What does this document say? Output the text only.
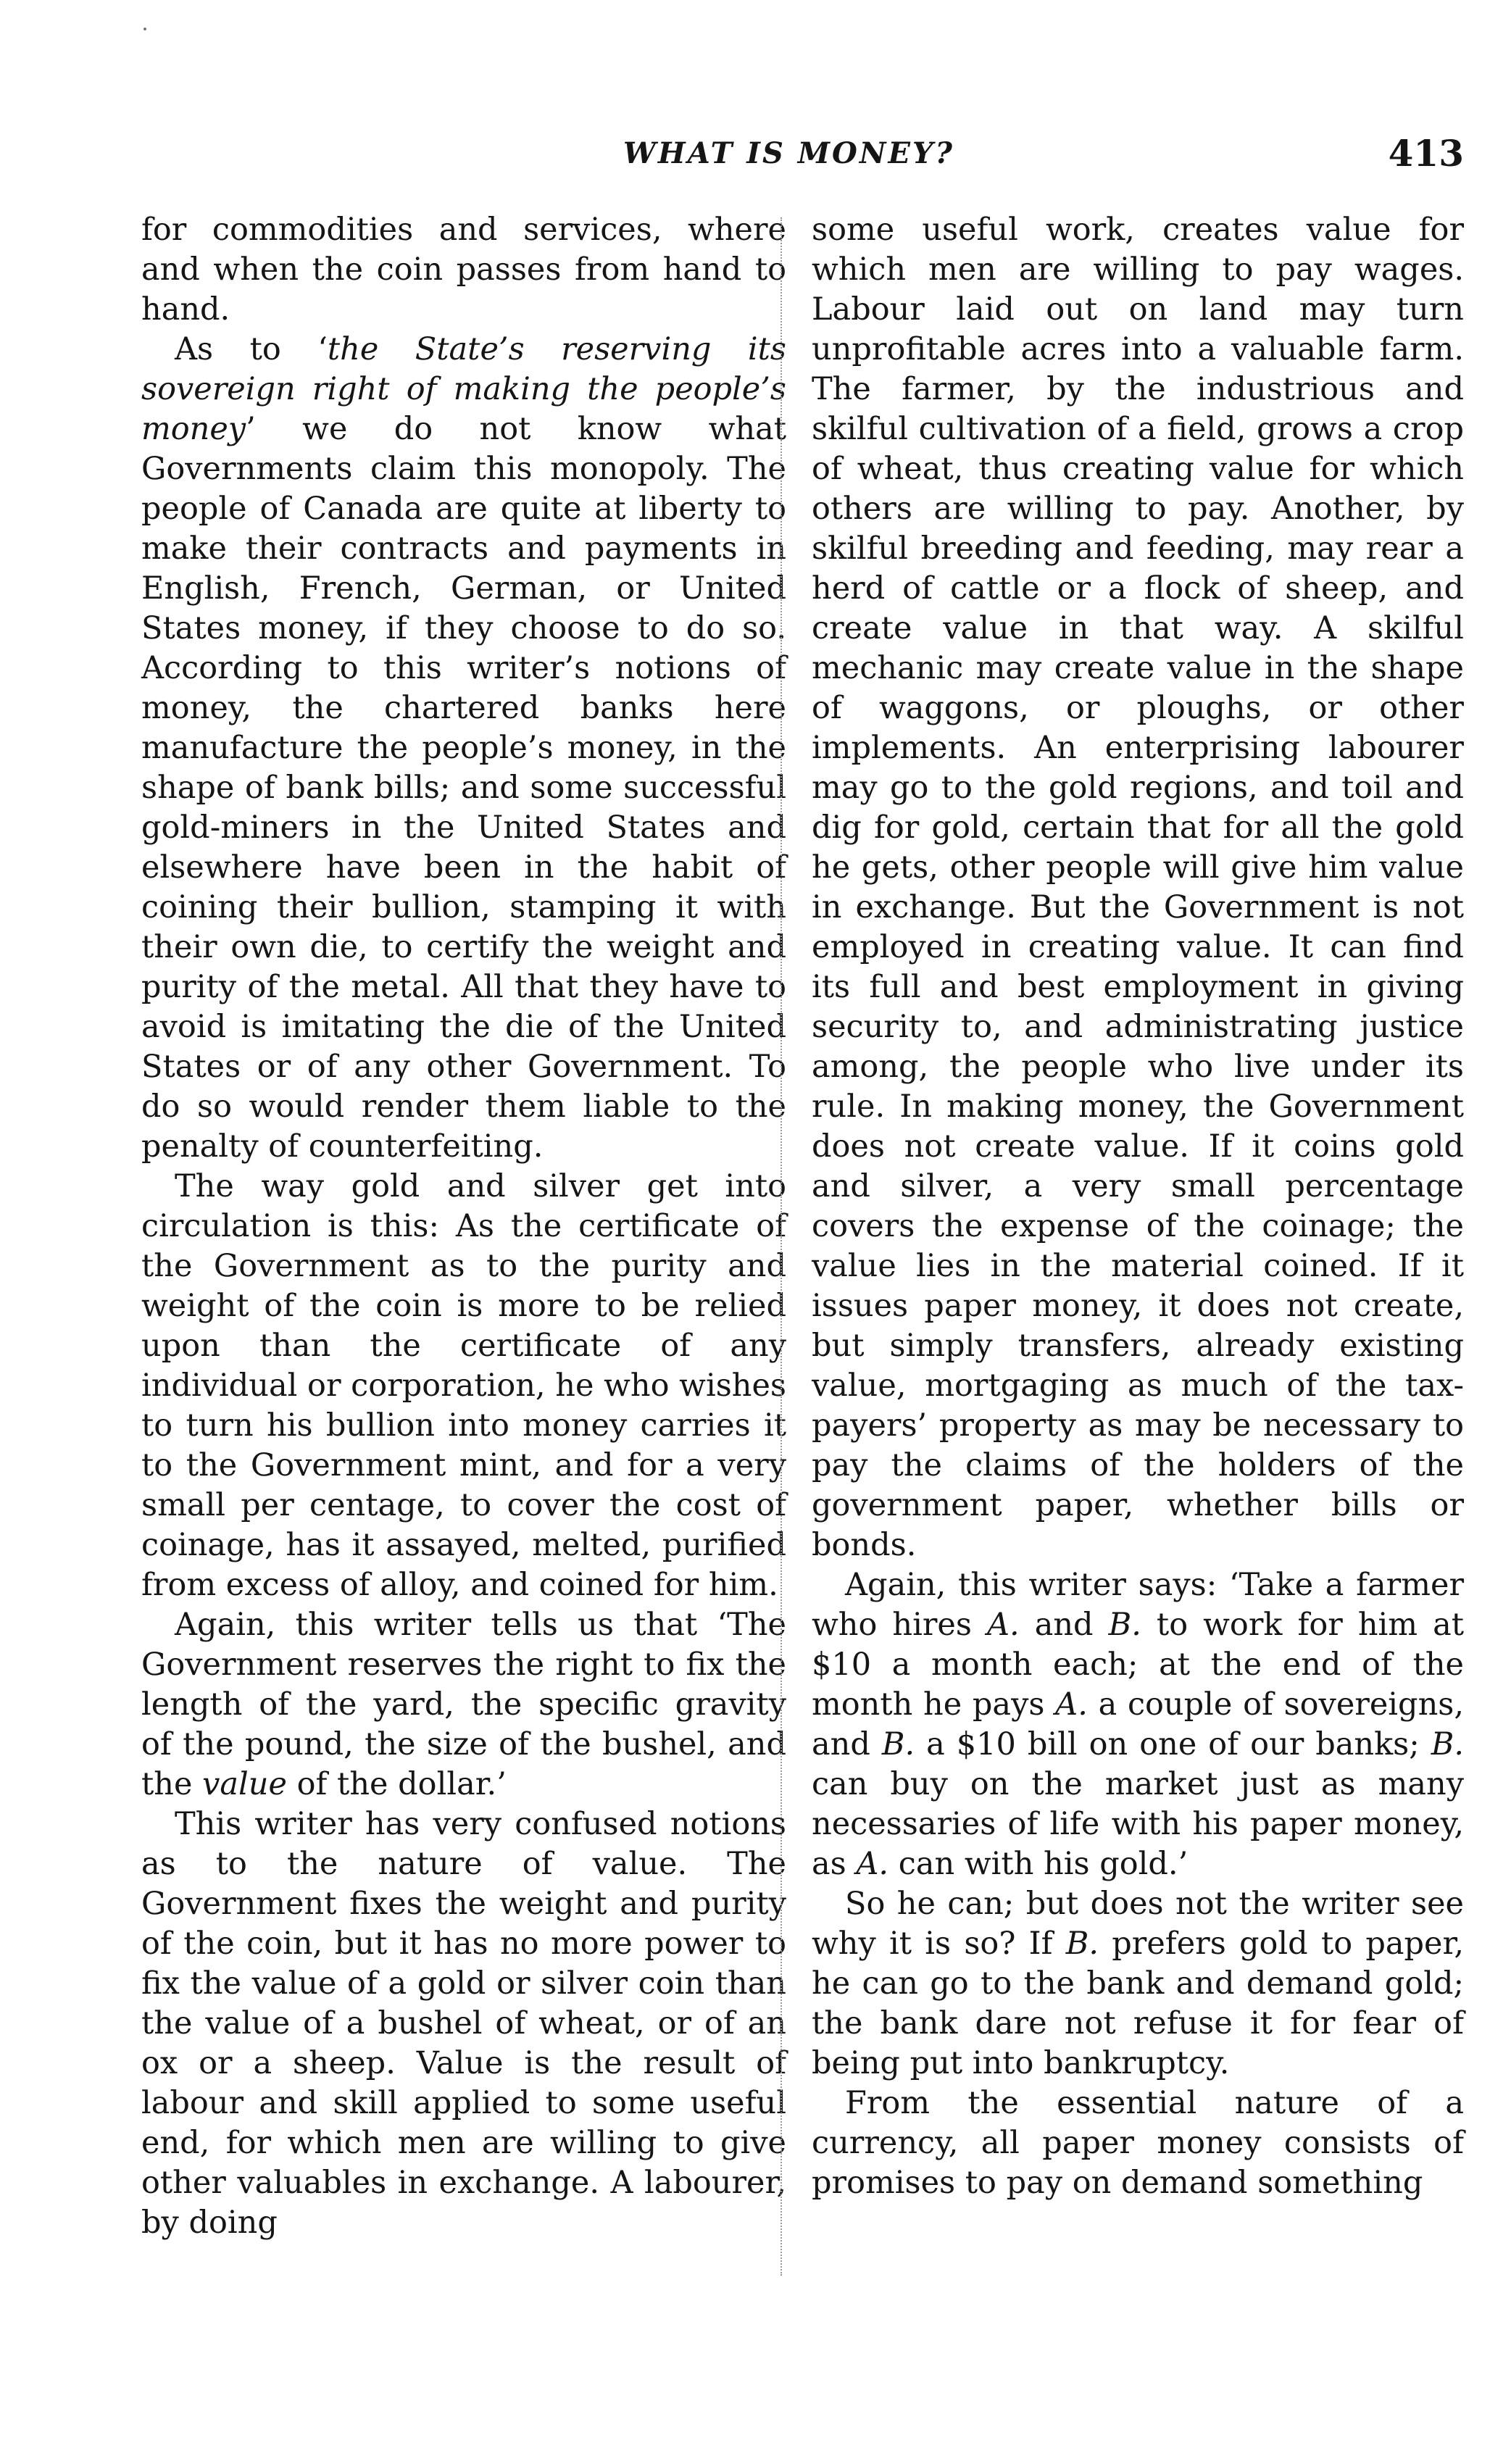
WHAT IS MONEY?	413

for commodities and services, where and when the coin passes from hand to hand.

As to ‘the State’s reserving its sovereign right of making the people’s money’ we do not know what Governments claim this monopoly. The people of Canada are quite at liberty to make their contracts and payments in English, French, German, or United States money, if they choose to do so. According to this writer’s notions of money, the chartered banks here manufacture the people’s money, in the shape of bank bills; and some successful gold-miners in the United States and elsewhere have been in the habit of coining their bullion, stamping it with their own die, to certify the weight and purity of the metal. All that they have to avoid is imitating the die of the United States or of any other Government. To do so would render them liable to the penalty of counterfeiting.

The way gold and silver get into circulation is this: As the certificate of the Government as to the purity and weight of the coin is more to be relied upon than the certificate of any individual or corporation, he who wishes to turn his bullion into money carries it to the Government mint, and for a very small per centage, to cover the cost of coinage, has it assayed, melted, purified from excess of alloy, and coined for him.

Again, this writer tells us that ‘The Government reserves the right to fix the length of the yard, the specific gravity of the pound, the size of the bushel, and the value of the dollar.’

This writer has very confused notions as to the nature of value. The Government fixes the weight and purity of the coin, but it has no more power to fix the value of a gold or silver coin than the value of a bushel of wheat, or of an ox or a sheep. Value is the result of labour and skill applied to some useful end, for which men are willing to give other valuables in exchange. A labourer, by doing

some useful work, creates value for which men are willing to pay wages. Labour laid out on land may turn unprofitable acres into a valuable farm. The farmer, by the industrious and skilful cultivation of a field, grows a crop of wheat, thus creating value for which others are willing to pay. Another, by skilful breeding and feeding, may rear a herd of cattle or a flock of sheep, and create value in that way. A skilful mechanic may create value in the shape of waggons, or ploughs, or other implements. An enterprising labourer may go to the gold regions, and toil and dig for gold, certain that for all the gold he gets, other people will give him value in exchange. But the Government is not employed in creating value. It can find its full and best employment in giving security to, and administrating justice among, the people who live under its rule. In making money, the Government does not create value. If it coins gold and silver, a very small percentage covers the expense of the coinage; the value lies in the material coined. If it issues paper money, it does not create, but simply transfers, already existing value, mortgaging as much of the tax-payers’ property as may be necessary to pay the claims of the holders of the government paper, whether bills or bonds.

Again, this writer says: ‘Take a farmer who hires A. and B. to work for him at $10 a month each; at the end of the month he pays A. a couple of sovereigns, and B. a $10 bill on one of our banks; B. can buy on the market just as many necessaries of life with his paper money, as A. can with his gold.’

So he can; but does not the writer see why it is so? If B. prefers gold to paper, he can go to the bank and demand gold; the bank dare not refuse it for fear of being put into bankruptcy.

From the essential nature of a currency, all paper money consists of promises to pay on demand something
